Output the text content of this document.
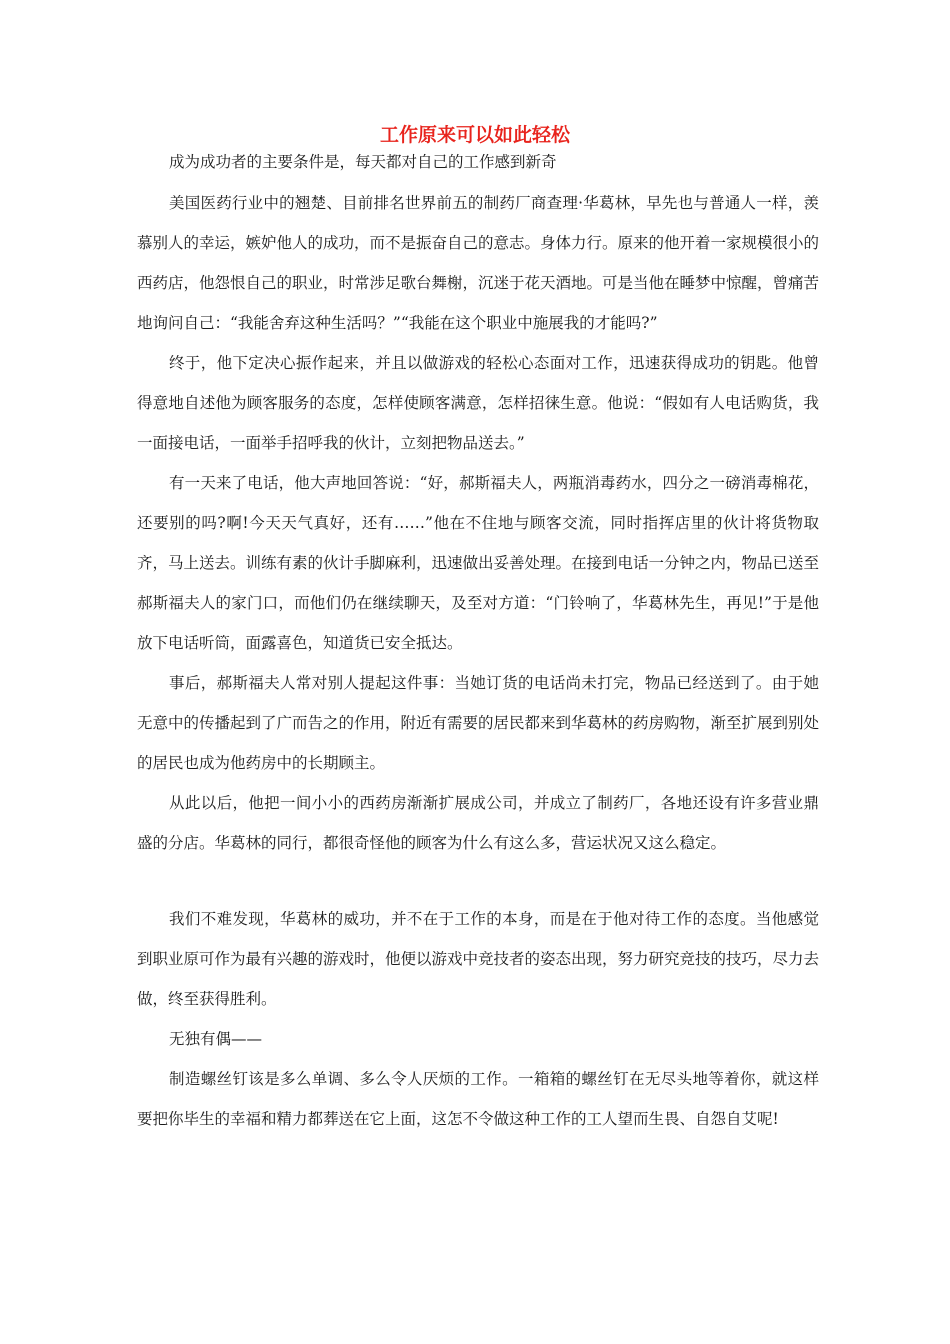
工作原来可以如此轻松

成为成功者的主要条件是，每天都对自己的工作感到新奇

美国医药行业中的翘楚、目前排名世界前五的制药厂商查理·华葛林，早先也与普通人一样，羡慕别人的幸运，嫉妒他人的成功，而不是振奋自己的意志。身体力行。原来的他开着一家规模很小的西药店，他怨恨自己的职业，时常涉足歌台舞榭，沉迷于花天酒地。可是当他在睡梦中惊醒，曾痛苦地询问自己：“我能舍弃这种生活吗？”“我能在这个职业中施展我的才能吗?”

终于，他下定决心振作起来，并且以做游戏的轻松心态面对工作，迅速获得成功的钥匙。他曾得意地自述他为顾客服务的态度，怎样使顾客满意，怎样招徕生意。他说：“假如有人电话购货，我一面接电话，一面举手招呼我的伙计，立刻把物品送去。”

有一天来了电话，他大声地回答说：“好，郝斯福夫人，两瓶消毒药水，四分之一磅消毒棉花，还要别的吗?啊!今天天气真好，还有……”他在不住地与顾客交流，同时指挥店里的伙计将货物取齐，马上送去。训练有素的伙计手脚麻利，迅速做出妥善处理。在接到电话一分钟之内，物品已送至郝斯福夫人的家门口，而他们仍在继续聊天，及至对方道：“门铃响了，华葛林先生，再见!”于是他放下电话听筒，面露喜色，知道货已安全抵达。

事后，郝斯福夫人常对别人提起这件事：当她订货的电话尚未打完，物品已经送到了。由于她无意中的传播起到了广而告之的作用，附近有需要的居民都来到华葛林的药房购物，渐至扩展到别处的居民也成为他药房中的长期顾主。

从此以后，他把一间小小的西药房渐渐扩展成公司，并成立了制药厂，各地还设有许多营业鼎盛的分店。华葛林的同行，都很奇怪他的顾客为什么有这么多，营运状况又这么稳定。

我们不难发现，华葛林的威功，并不在于工作的本身，而是在于他对待工作的态度。当他感觉到职业原可作为最有兴趣的游戏时，他便以游戏中竞技者的姿态出现，努力研究竞技的技巧，尽力去做，终至获得胜利。

无独有偶——

制造螺丝钉该是多么单调、多么令人厌烦的工作。一箱箱的螺丝钉在无尽头地等着你，就这样要把你毕生的幸福和精力都葬送在它上面，这怎不令做这种工作的工人望而生畏、自怨自艾呢!
